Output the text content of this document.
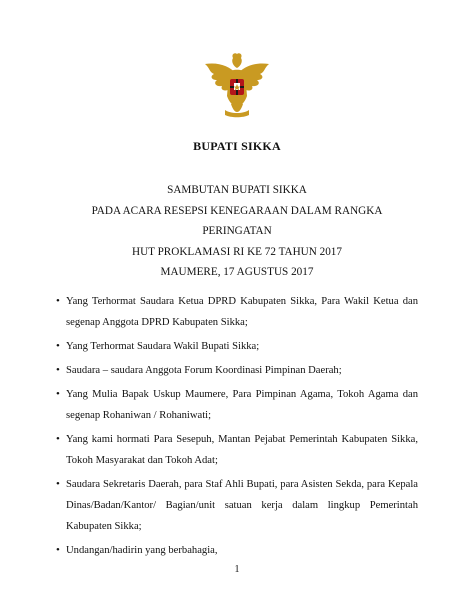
BUPATI SIKKA
SAMBUTAN BUPATI SIKKA
PADA ACARA RESEPSI KENEGARAAN DALAM RANGKA
PERINGATAN
HUT PROKLAMASI RI KE 72 TAHUN 2017
MAUMERE, 17 AGUSTUS 2017
• Yang Terhormat Saudara Ketua DPRD Kabupaten Sikka, Para Wakil Ketua dan segenap Anggota DPRD Kabupaten Sikka;
• Yang Terhormat Saudara Wakil Bupati Sikka;
• Saudara – saudara Anggota Forum Koordinasi Pimpinan Daerah;
• Yang Mulia Bapak Uskup Maumere, Para Pimpinan Agama, Tokoh Agama dan segenap Rohaniwan / Rohaniwati;
• Yang kami hormati Para Sesepuh, Mantan Pejabat Pemerintah Kabupaten Sikka, Tokoh Masyarakat dan Tokoh Adat;
• Saudara Sekretaris Daerah, para Staf Ahli Bupati, para Asisten Sekda, para Kepala Dinas/Badan/Kantor/ Bagian/unit satuan kerja dalam lingkup Pemerintah Kabupaten Sikka;
• Undangan/hadirin yang berbahagia,
1
